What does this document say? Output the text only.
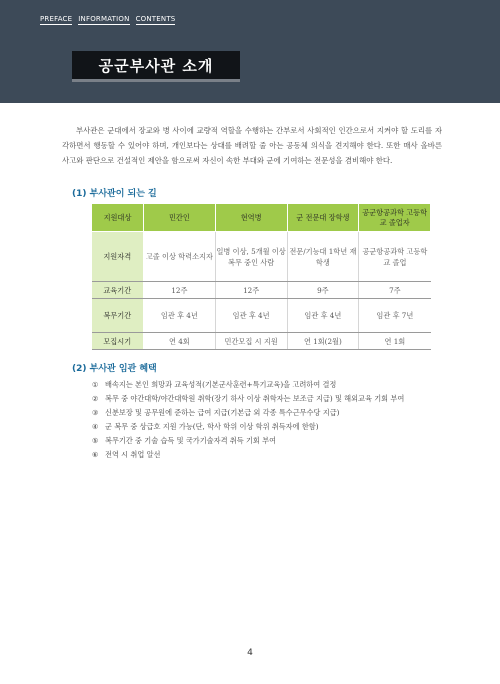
PREFACE INFORMATION CONTENTS
공군부사관 소개

부사관은 군대에서 장교와 병 사이에 교량적 역할을 수행하는 간부로서 사회적인 인간으로서 지켜야 할 도리를 자각하면서 행동할 수 있어야 하며, 개인보다는 상대를 배려할 줄 아는 공동체 의식을 견지해야 한다. 또한 매사 올바른 사고와 판단으로 건설적인 제안을 함으로써 자신이 속한 부대와 군에 기여하는 전문성을 겸비해야 한다.

(1) 부사관이 되는 길
지원대상	민간인	현역병	군 전문대 장학생	공군항공과학 고등학교 졸업자
지원자격	고졸 이상 학력소지자	일병 이상, 5개월 이상 복무 중인 사람	전문/기능대 1학년 재학생	공군항공과학 고등학교 졸업
교육기간	12주	12주	9주	7주
복무기간	임관 후 4년	임관 후 4년	임관 후 4년	임관 후 7년
모집시기	연 4회	민간모집 시 지원	연 1회(2월)	연 1회
(2) 부사관 임관 혜택
① 배속지는 본인 희망과 교육성적(기본군사훈련+특기교육)을 고려하여 결정
② 복무 중 야간대학/야간대학원 취학(장기 하사 이상 취학자는 보조금 지급) 및 해외교육 기회 부여
③ 신분보장 및 공무원에 준하는 급여 지급(기본급 외 각종 특수근무수당 지급)
④ 군 복무 중 상급호 지원 가능(단, 학사 학위 이상 학위 취득자에 한함)
⑤ 복무기간 중 기술 습득 및 국가기술자격 취득 기회 부여
⑥ 전역 시 취업 알선
4
